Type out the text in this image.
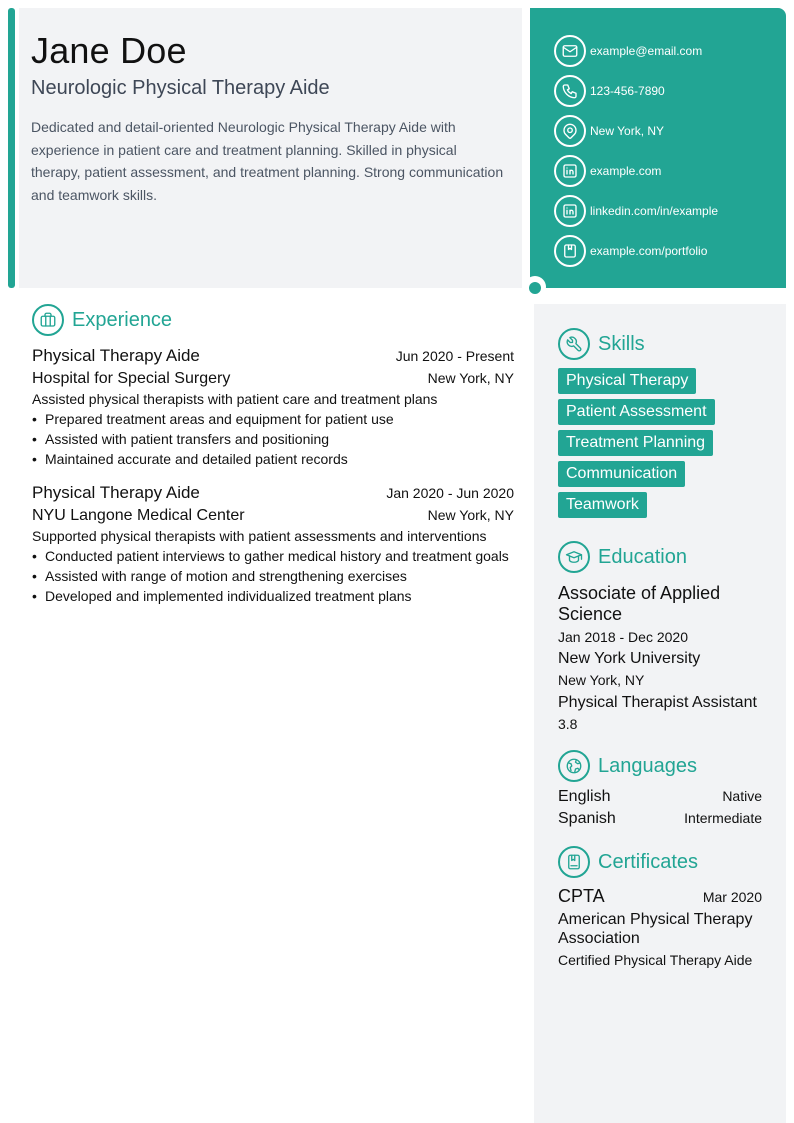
Jane Doe
Neurologic Physical Therapy Aide

Dedicated and detail-oriented Neurologic Physical Therapy Aide with experience in patient care and treatment planning. Skilled in physical therapy, patient assessment, and treatment planning. Strong communication and teamwork skills.

example@email.com
123-456-7890
New York, NY
example.com
linkedin.com/in/example
example.com/portfolio
Experience
Physical Therapy Aide	Jun 2020 - Present
Hospital for Special Surgery	New York, NY
Assisted physical therapists with patient care and treatment plans
• Prepared treatment areas and equipment for patient use
• Assisted with patient transfers and positioning
• Maintained accurate and detailed patient records
Physical Therapy Aide	Jan 2020 - Jun 2020
NYU Langone Medical Center	New York, NY
Supported physical therapists with patient assessments and interventions
• Conducted patient interviews to gather medical history and treatment goals
• Assisted with range of motion and strengthening exercises
• Developed and implemented individualized treatment plans
Skills
Physical Therapy
Patient Assessment
Treatment Planning
Communication
Teamwork
Education
Associate of Applied Science
Jan 2018 - Dec 2020
New York University
New York, NY
Physical Therapist Assistant
3.8
Languages
English	Native
Spanish	Intermediate
Certificates
CPTA	Mar 2020
American Physical Therapy Association
Certified Physical Therapy Aide
